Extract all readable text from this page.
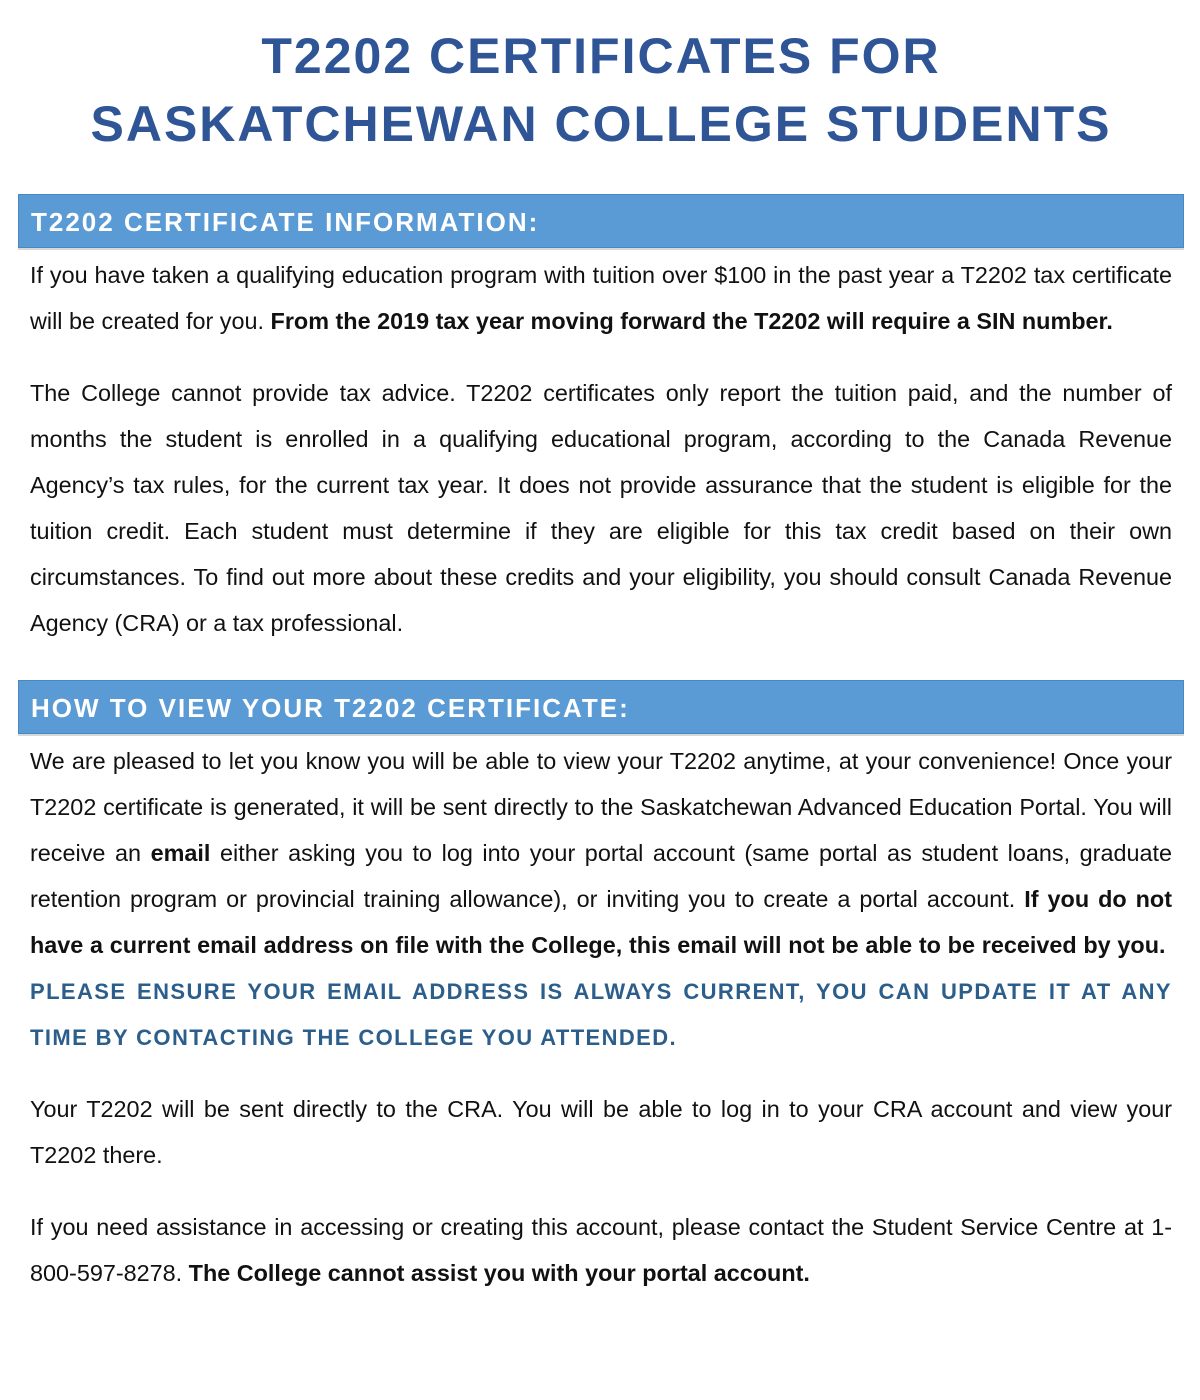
T2202 CERTIFICATES FOR
SASKATCHEWAN COLLEGE STUDENTS
T2202 CERTIFICATE INFORMATION:

If you have taken a qualifying education program with tuition over $100 in the past year a T2202 tax certificate will be created for you. From the 2019 tax year moving forward the T2202 will require a SIN number.

The College cannot provide tax advice. T2202 certificates only report the tuition paid, and the number of months the student is enrolled in a qualifying educational program, according to the Canada Revenue Agency’s tax rules, for the current tax year. It does not provide assurance that the student is eligible for the tuition credit. Each student must determine if they are eligible for this tax credit based on their own circumstances. To find out more about these credits and your eligibility, you should consult Canada Revenue Agency (CRA) or a tax professional.

HOW TO VIEW YOUR T2202 CERTIFICATE:

We are pleased to let you know you will be able to view your T2202 anytime, at your convenience! Once your T2202 certificate is generated, it will be sent directly to the Saskatchewan Advanced Education Portal. You will receive an email either asking you to log into your portal account (same portal as student loans, graduate retention program or provincial training allowance), or inviting you to create a portal account. If you do not have a current email address on file with the College, this email will not be able to be received by you.  PLEASE ENSURE YOUR EMAIL ADDRESS IS ALWAYS CURRENT, YOU CAN UPDATE IT AT ANY TIME BY CONTACTING THE COLLEGE YOU ATTENDED.

Your T2202 will be sent directly to the CRA. You will be able to log in to your CRA account and view your T2202 there.

If you need assistance in accessing or creating this account, please contact the Student Service Centre at 1-800-597-8278. The College cannot assist you with your portal account.
